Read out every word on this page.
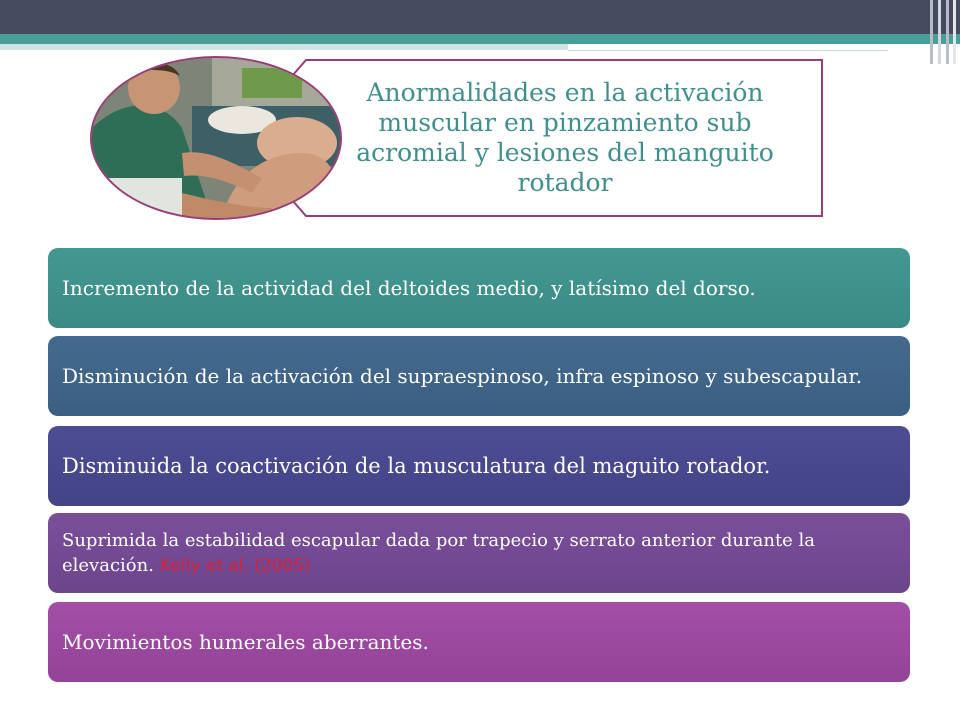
Anormalidades en la activación muscular en pinzamiento sub acromial y lesiones del manguito rotador
Incremento de la actividad del deltoides medio, y latísimo del dorso.
Disminución de la activación del supraespinoso, infra espinoso y subescapular.
Disminuida la coactivación de la musculatura del maguito rotador.
Suprimida la estabilidad escapular dada por trapecio y serrato anterior durante la elevación. Kelly et al. (2005)
Movimientos humerales aberrantes.
